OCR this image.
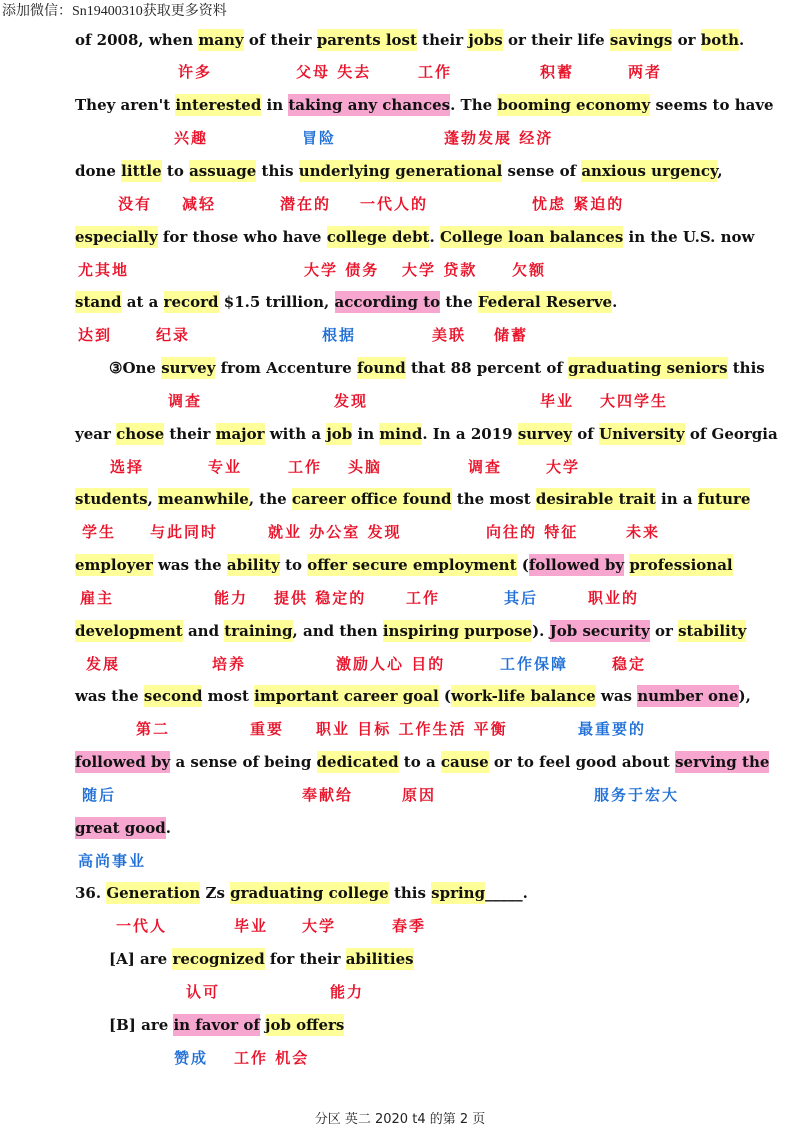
添加微信：Sn19400310获取更多资料
of 2008, when many of their parents lost their jobs or their life savings or both.
They aren't interested in taking any chances. The booming economy seems to have
done little to assuage this underlying generational sense of anxious urgency,
especially for those who have college debt. College loan balances in the U.S. now
stand at a record $1.5 trillion, according to the Federal Reserve.
③One survey from Accenture found that 88 percent of graduating seniors this
year chose their major with a job in mind. In a 2019 survey of University of Georgia
students, meanwhile, the career office found the most desirable trait in a future
employer was the ability to offer secure employment (followed by professional
development and training, and then inspiring purpose). Job security or stability
was the second most important career goal (work-life balance was number one),
followed by a sense of being dedicated to a cause or to feel good about serving the
great good.
36. Generation Zs graduating college this spring_____.
[A] are recognized for their abilities
[B] are in favor of job offers
许多	父母 失去	工作	积蓄	两者
兴趣	冒险	蓬勃发展 经济
没有 减轻	潜在的 一代人的	忧虑 紧迫的
尤其地	大学 债务 大学 贷款 欠额
达到	纪录	根据	美联 储蓄
调查	发现	毕业 大四学生
选择	专业	工作 头脑	调查	大学
学生 与此同时	就业 办公室 发现	向往的 特征	未来
雇主	能力 提供 稳定的	工作	其后	职业的
发展	培养	激励人心 目的	工作保障	稳定
第二	重要 职业 目标 工作生活 平衡	最重要的
随后	奉献给	原因	服务于宏大
高尚事业
一代人	毕业 大学	春季
认可	能力
赞成 工作 机会
分区 英二 2020 t4 的第 2 页
